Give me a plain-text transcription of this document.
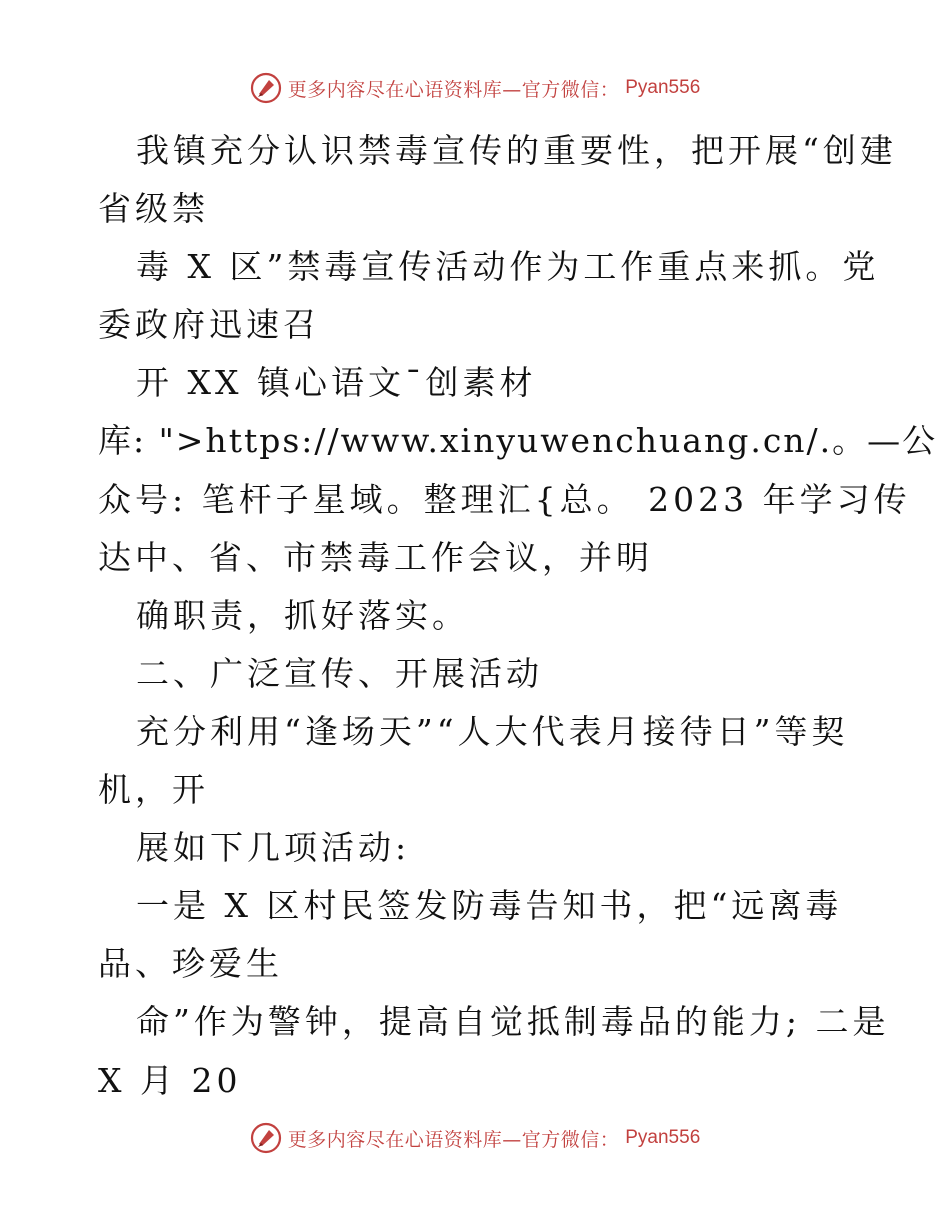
更多内容尽在心语资料库—官方微信： Pyan556
我镇充分认识禁毒宣传的重要性，把开展“创建
省级禁
毒 X 区”禁毒宣传活动作为工作重点来抓。党
委政府迅速召
开 XX 镇心语文¯创素材
库: ">https://www.xinyuwenchuang.cn/.。—公
众号: 笔杆子星域。整理汇{总。 2023 年学习传
达中、省、市禁毒工作会议，并明
确职责，抓好落实。
二、广泛宣传、开展活动
充分利用“逢场天”“人大代表月接待日”等契
机，开
展如下几项活动:
一是 X 区村民签发防毒告知书，把“远离毒
品、珍爱生
命”作为警钟，提高自觉抵制毒品的能力; 二是
X 月 20
更多内容尽在心语资料库—官方微信： Pyan556
